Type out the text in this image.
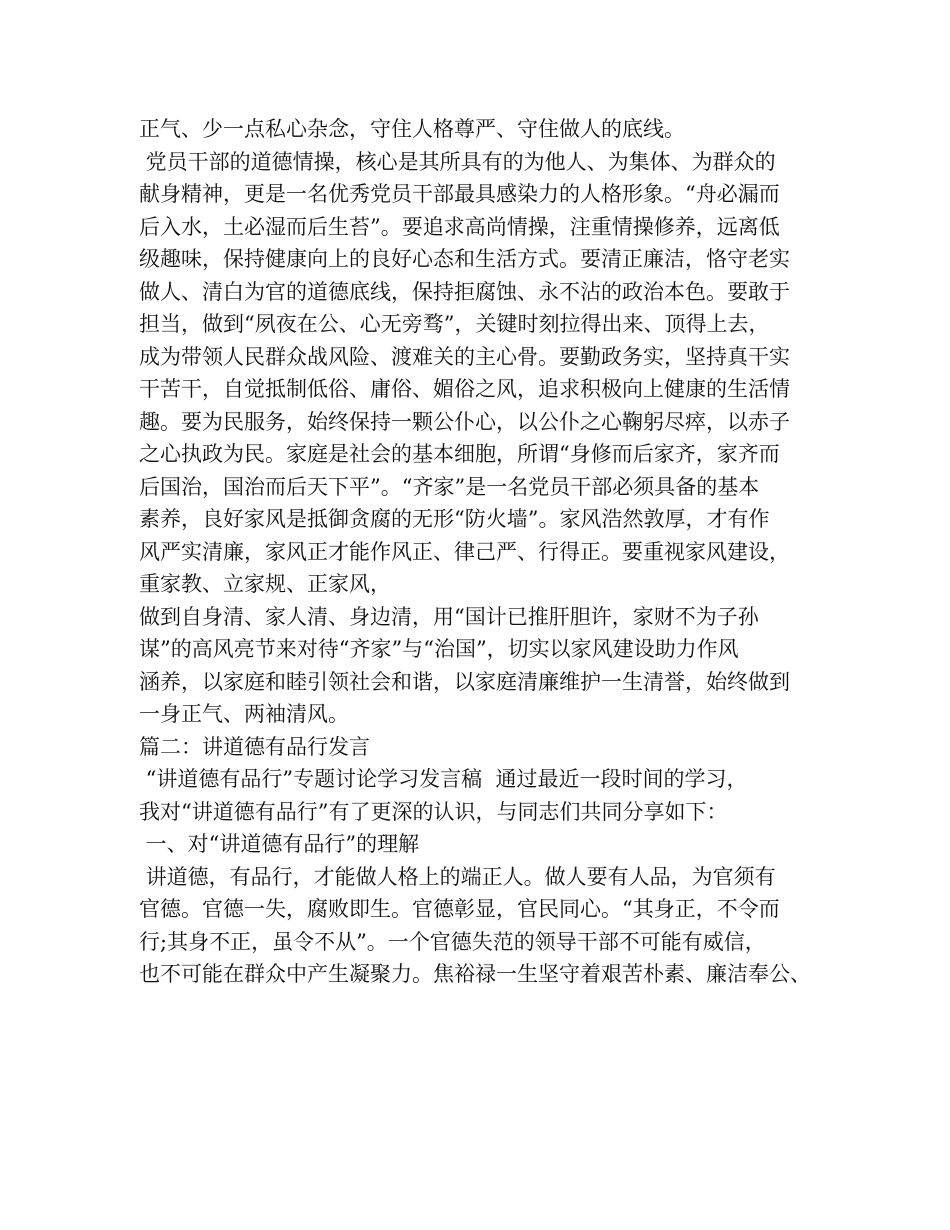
正气、少一点私心杂念，守住人格尊严、守住做人的底线。
党员干部的道德情操，核心是其所具有的为他人、为集体、为群众的
献身精神，更是一名优秀党员干部最具感染力的人格形象。“舟必漏而
后入水，土必湿而后生苔”。要追求高尚情操，注重情操修养，远离低
级趣味，保持健康向上的良好心态和生活方式。要清正廉洁，恪守老实
做人、清白为官的道德底线，保持拒腐蚀、永不沾的政治本色。要敢于
担当，做到“夙夜在公、心无旁骛”，关键时刻拉得出来、顶得上去，
成为带领人民群众战风险、渡难关的主心骨。要勤政务实，坚持真干实
干苦干，自觉抵制低俗、庸俗、媚俗之风，追求积极向上健康的生活情
趣。要为民服务，始终保持一颗公仆心，以公仆之心鞠躬尽瘁，以赤子
之心执政为民。家庭是社会的基本细胞，所谓“身修而后家齐，家齐而
后国治，国治而后天下平”。“齐家”是一名党员干部必须具备的基本
素养，良好家风是抵御贪腐的无形“防火墙”。家风浩然敦厚，才有作
风严实清廉，家风正才能作风正、律己严、行得正。要重视家风建设，
重家教、立家规、正家风，
做到自身清、家人清、身边清，用“国计已推肝胆许，家财不为子孙
谋”的高风亮节来对待“齐家”与“治国”，切实以家风建设助力作风
涵养，以家庭和睦引领社会和谐，以家庭清廉维护一生清誉，始终做到
一身正气、两袖清风。
篇二：讲道德有品行发言
“讲道德有品行”专题讨论学习发言稿  通过最近一段时间的学习，
我对“讲道德有品行”有了更深的认识，与同志们共同分享如下：
一、对“讲道德有品行”的理解
讲道德，有品行，才能做人格上的端正人。做人要有人品，为官须有
官德。官德一失，腐败即生。官德彰显，官民同心。“其身正，不令而
行;其身不正，虽令不从”。一个官德失范的领导干部不可能有威信，
也不可能在群众中产生凝聚力。焦裕禄一生坚守着艰苦朴素、廉洁奉公、
